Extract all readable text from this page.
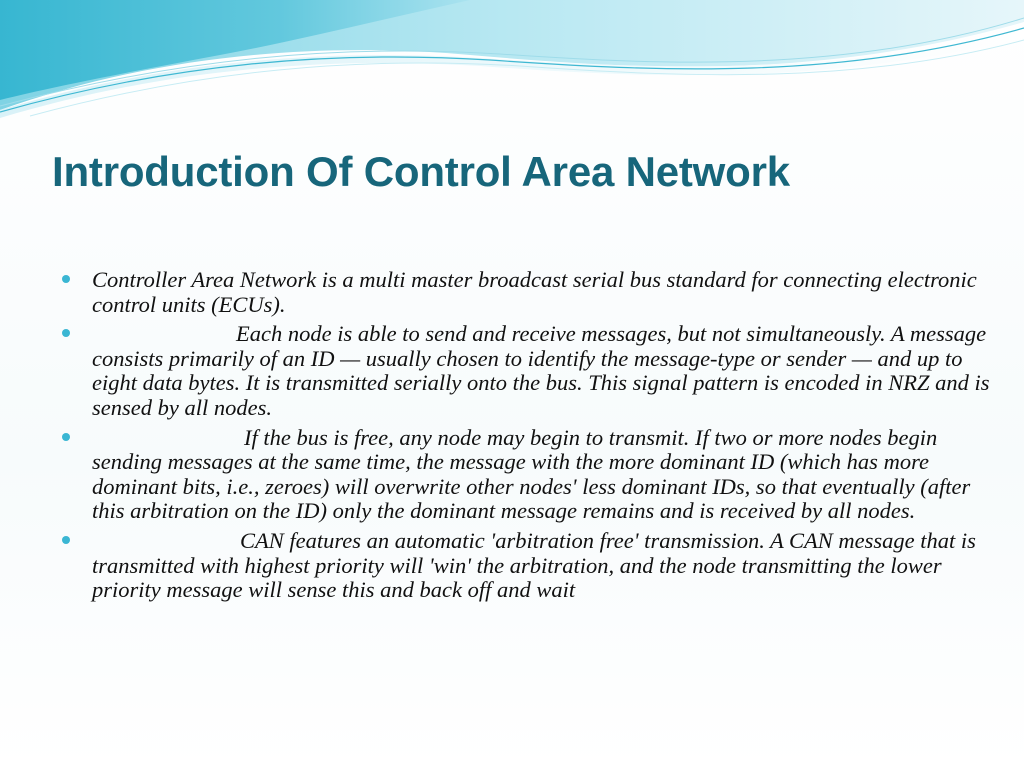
Introduction Of Control Area Network
Controller Area Network is a multi master broadcast serial bus standard for connecting electronic control units (ECUs).
Each node is able to send and receive messages, but not simultaneously. A message consists primarily of an ID — usually chosen to identify the message-type or sender — and up to eight data bytes. It is transmitted serially onto the bus. This signal pattern is encoded in NRZ and is sensed by all nodes.
If the bus is free, any node may begin to transmit. If two or more nodes begin sending messages at the same time, the message with the more dominant ID (which has more dominant bits, i.e., zeroes) will overwrite other nodes' less dominant IDs, so that eventually (after this arbitration on the ID) only the dominant message remains and is received by all nodes.
CAN features an automatic 'arbitration free' transmission. A CAN message that is transmitted with highest priority will 'win' the arbitration, and the node transmitting the lower priority message will sense this and back off and wait
